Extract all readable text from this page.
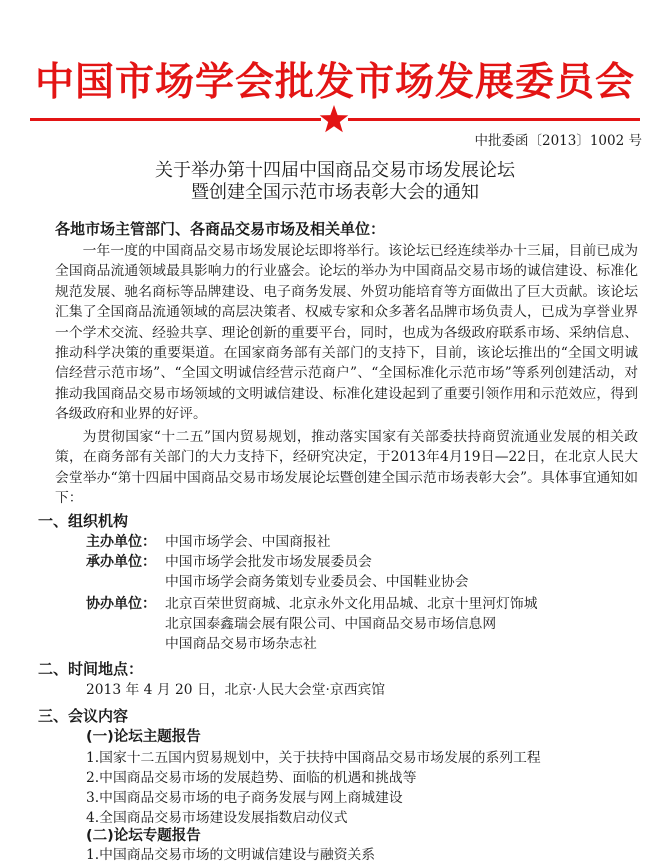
中国市场学会批发市场发展委员会
中批委函〔2013〕1002 号
关于举办第十四届中国商品交易市场发展论坛
暨创建全国示范市场表彰大会的通知
各地市场主管部门、各商品交易市场及相关单位：

一年一度的中国商品交易市场发展论坛即将举行。该论坛已经连续举办十三届，目前已成为全国商品流通领域最具影响力的行业盛会。论坛的举办为中国商品交易市场的诚信建设、标准化规范发展、驰名商标等品牌建设、电子商务发展、外贸功能培育等方面做出了巨大贡献。该论坛汇集了全国商品流通领域的高层决策者、权威专家和众多著名品牌市场负责人，已成为享誉业界一个学术交流、经验共享、理论创新的重要平台，同时，也成为各级政府联系市场、采纳信息、推动科学决策的重要渠道。在国家商务部有关部门的支持下，目前，该论坛推出的“全国文明诚信经营示范市场”、“全国文明诚信经营示范商户”、“全国标准化示范市场”等系列创建活动，对推动我国商品交易市场领域的文明诚信建设、标准化建设起到了重要引领作用和示范效应，得到各级政府和业界的好评。

为贯彻国家“十二五”国内贸易规划，推动落实国家有关部委扶持商贸流通业发展的相关政策，在商务部有关部门的大力支持下，经研究决定，于2013年4月19日—22日，在北京人民大会堂举办“第十四届中国商品交易市场发展论坛暨创建全国示范市场表彰大会”。具体事宜通知如下：

一、组织机构
主办单位： 中国市场学会、中国商报社
承办单位： 中国市场学会批发市场发展委员会
中国市场学会商务策划专业委员会、中国鞋业协会
协办单位： 北京百荣世贸商城、北京永外文化用品城、北京十里河灯饰城
北京国泰鑫瑞会展有限公司、中国商品交易市场信息网
中国商品交易市场杂志社
二、时间地点：
2013 年 4 月 20 日，北京·人民大会堂·京西宾馆
三、会议内容
(一)论坛主题报告
1.国家十二五国内贸易规划中，关于扶持中国商品交易市场发展的系列工程
2.中国商品交易市场的发展趋势、面临的机遇和挑战等
3.中国商品交易市场的电子商务发展与网上商城建设
4.全国商品交易市场建设发展指数启动仪式
(二)论坛专题报告
1.中国商品交易市场的文明诚信建设与融资关系
